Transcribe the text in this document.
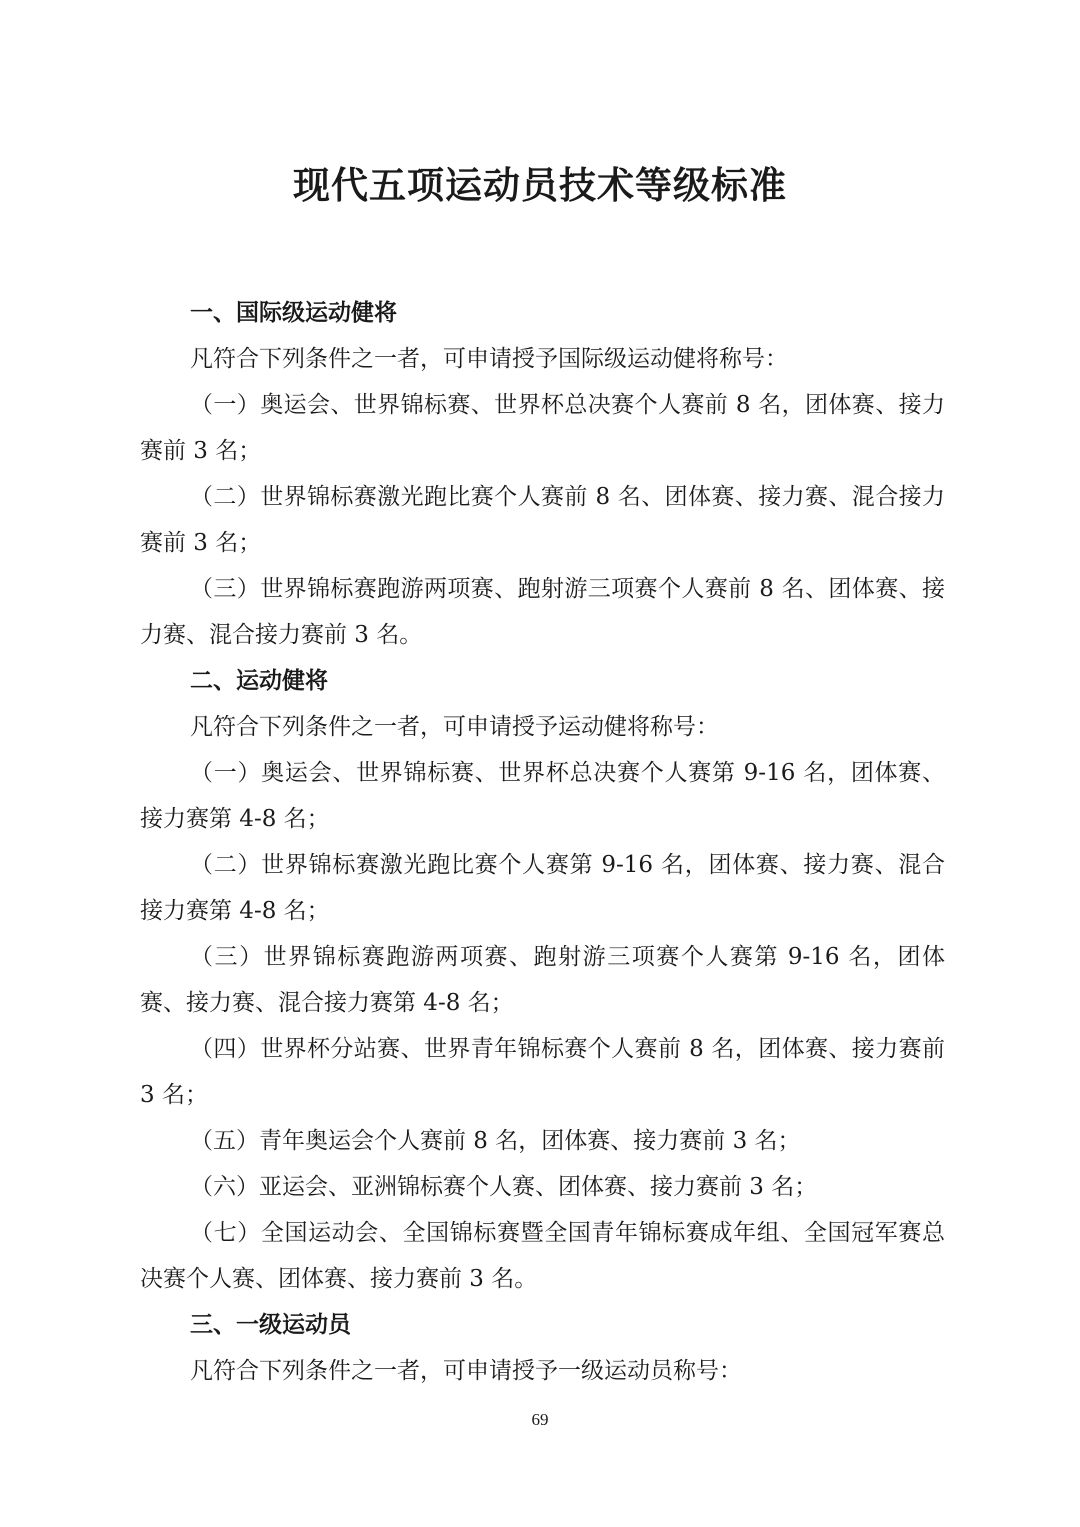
现代五项运动员技术等级标准
一、国际级运动健将
凡符合下列条件之一者，可申请授予国际级运动健将称号：
（一）奥运会、世界锦标赛、世界杯总决赛个人赛前 8 名，团体赛、接力赛前 3 名；
（二）世界锦标赛激光跑比赛个人赛前 8 名、团体赛、接力赛、混合接力赛前 3 名；
（三）世界锦标赛跑游两项赛、跑射游三项赛个人赛前 8 名、团体赛、接力赛、混合接力赛前 3 名。
二、运动健将
凡符合下列条件之一者，可申请授予运动健将称号：
（一）奥运会、世界锦标赛、世界杯总决赛个人赛第 9-16 名，团体赛、接力赛第 4-8 名；
（二）世界锦标赛激光跑比赛个人赛第 9-16 名，团体赛、接力赛、混合接力赛第 4-8 名；
（三）世界锦标赛跑游两项赛、跑射游三项赛个人赛第 9-16 名，团体赛、接力赛、混合接力赛第 4-8 名；
（四）世界杯分站赛、世界青年锦标赛个人赛前 8 名，团体赛、接力赛前 3 名；
（五）青年奥运会个人赛前 8 名，团体赛、接力赛前 3 名；
（六）亚运会、亚洲锦标赛个人赛、团体赛、接力赛前 3 名；
（七）全国运动会、全国锦标赛暨全国青年锦标赛成年组、全国冠军赛总决赛个人赛、团体赛、接力赛前 3 名。
三、一级运动员
凡符合下列条件之一者，可申请授予一级运动员称号：
69
